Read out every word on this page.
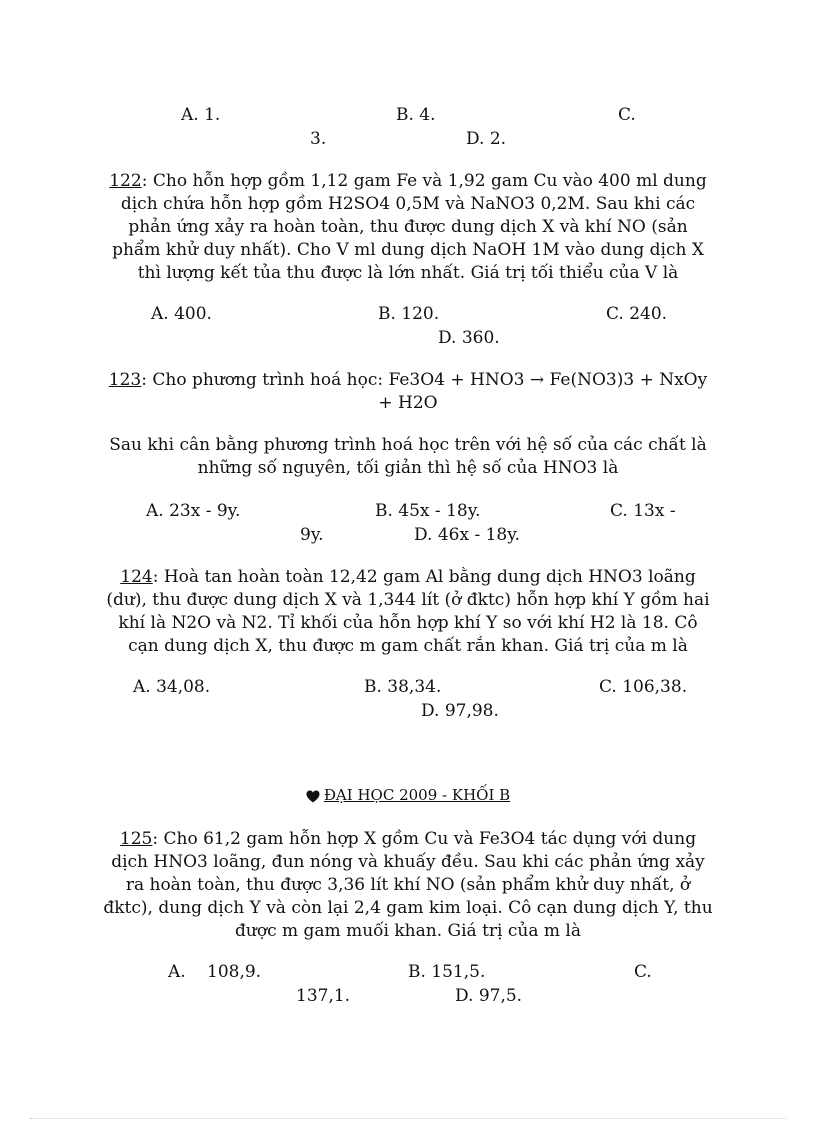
A. 1.	B. 4.	C.
3.	D. 2.
122: Cho hỗn hợp gồm 1,12 gam Fe và 1,92 gam Cu vào 400 ml dung
dịch chứa hỗn hợp gồm H2SO4 0,5M và NaNO3 0,2M. Sau khi các
phản ứng xảy ra hoàn toàn, thu được dung dịch X và khí NO (sản
phẩm khử duy nhất). Cho V ml dung dịch NaOH 1M vào dung dịch X
thì lượng kết tủa thu được là lớn nhất. Giá trị tối thiểu của V là
A. 400.	B. 120.	C. 240.
D. 360.
123: Cho phương trình hoá học: Fe3O4 + HNO3 → Fe(NO3)3 + NxOy
+ H2O
Sau khi cân bằng phương trình hoá học trên với hệ số của các chất là
những số nguyên, tối giản thì hệ số của HNO3 là
A. 23x - 9y.	B. 45x - 18y.	C. 13x -
9y.	D. 46x - 18y.
124: Hoà tan hoàn toàn 12,42 gam Al bằng dung dịch HNO3 loãng
(dư), thu được dung dịch X và 1,344 lít (ở đktc) hỗn hợp khí Y gồm hai
khí là N2O và N2. Tỉ khối của hỗn hợp khí Y so với khí H2 là 18. Cô
cạn dung dịch X, thu được m gam chất rắn khan. Giá trị của m là
A. 34,08.	B. 38,34.	C. 106,38.
D. 97,98.
ĐẠI HỌC 2009 - KHỐI B
125: Cho 61,2 gam hỗn hợp X gồm Cu và Fe3O4 tác dụng với dung
dịch HNO3 loãng, đun nóng và khuấy đều. Sau khi các phản ứng xảy
ra hoàn toàn, thu được 3,36 lít khí NO (sản phẩm khử duy nhất, ở
đktc), dung dịch Y và còn lại 2,4 gam kim loại. Cô cạn dung dịch Y, thu
được m gam muối khan. Giá trị của m là
A. 108,9.	B. 151,5.	C.
137,1.	D. 97,5.
